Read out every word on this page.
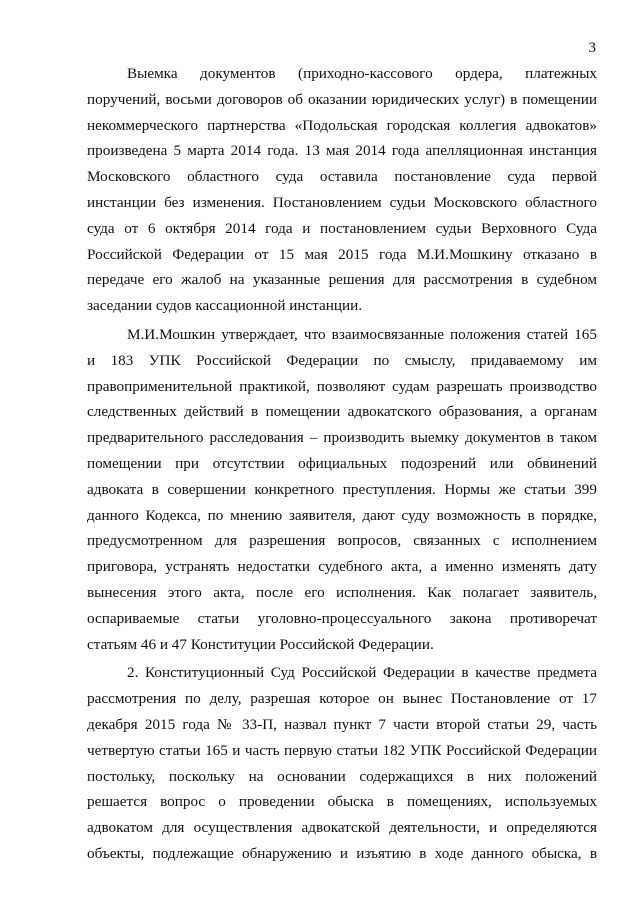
3
Выемка документов (приходно-кассового ордера, платежных
поручений, восьми договоров об оказании юридических услуг) в помещении
некоммерческого партнерства «Подольская городская коллегия адвокатов»
произведена 5 марта 2014 года. 13 мая 2014 года апелляционная инстанция
Московского областного суда оставила постановление суда первой
инстанции без изменения. Постановлением судьи Московского областного
суда от 6 октября 2014 года и постановлением судьи Верховного Суда
Российской Федерации от 15 мая 2015 года М.И.Мошкину отказано в
передаче его жалоб на указанные решения для рассмотрения в судебном
заседании судов кассационной инстанции.
М.И.Мошкин утверждает, что взаимосвязанные положения статей 165
и 183 УПК Российской Федерации по смыслу, придаваемому им
правоприменительной практикой, позволяют судам разрешать производство
следственных действий в помещении адвокатского образования, а органам
предварительного расследования – производить выемку документов в таком
помещении при отсутствии официальных подозрений или обвинений
адвоката в совершении конкретного преступления. Нормы же статьи 399
данного Кодекса, по мнению заявителя, дают суду возможность в порядке,
предусмотренном для разрешения вопросов, связанных с исполнением
приговора, устранять недостатки судебного акта, а именно изменять дату
вынесения этого акта, после его исполнения. Как полагает заявитель,
оспариваемые статьи уголовно-процессуального закона противоречат
статьям 46 и 47 Конституции Российской Федерации.
2. Конституционный Суд Российской Федерации в качестве предмета
рассмотрения по делу, разрешая которое он вынес Постановление от 17
декабря 2015 года № 33-П, назвал пункт 7 части второй статьи 29, часть
четвертую статьи 165 и часть первую статьи 182 УПК Российской Федерации
постольку, поскольку на основании содержащихся в них положений
решается вопрос о проведении обыска в помещениях, используемых
адвокатом для осуществления адвокатской деятельности, и определяются
объекты, подлежащие обнаружению и изъятию в ходе данного обыска, в
